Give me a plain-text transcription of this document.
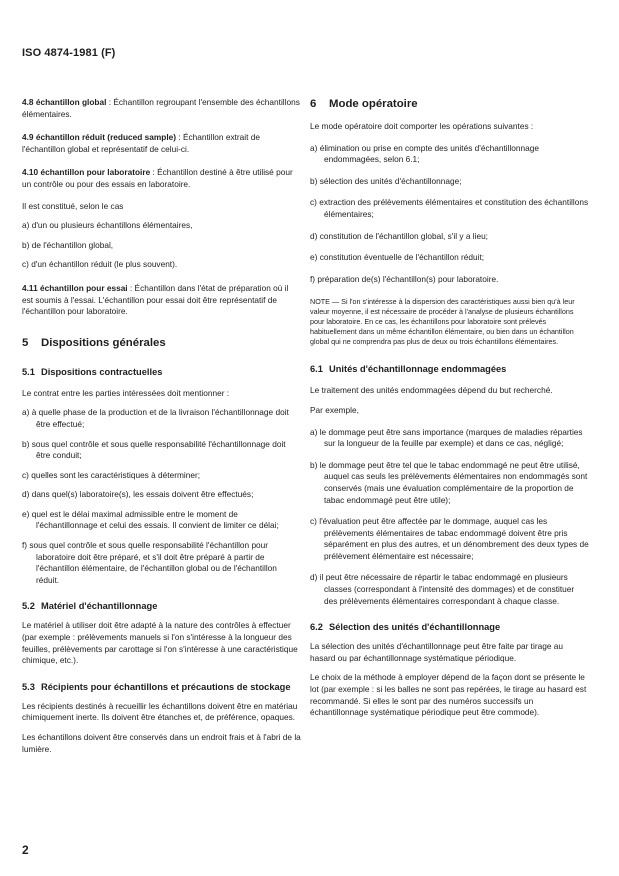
ISO 4874-1981 (F)

4.8 échantillon global : Échantillon regroupant l'ensemble des échantillons élémentaires.

4.9 échantillon réduit (reduced sample) : Échantillon extrait de l'échantillon global et représentatif de celui-ci.

4.10 échantillon pour laboratoire : Échantillon destiné à être utilisé pour un contrôle ou pour des essais en laboratoire.

Il est constitué, selon le cas

a) d'un ou plusieurs échantillons élémentaires,

b) de l'échantillon global,

c) d'un échantillon réduit (le plus souvent).

4.11 échantillon pour essai : Échantillon dans l'état de préparation où il est soumis à l'essai. L'échantillon pour essai doit être représentatif de l'échantillon pour laboratoire.

5 Dispositions générales

5.1 Dispositions contractuelles

Le contrat entre les parties intéressées doit mentionner :

a) à quelle phase de la production et de la livraison l'échantillonnage doit être effectué;

b) sous quel contrôle et sous quelle responsabilité l'échantillonnage doit être conduit;

c) quelles sont les caractéristiques à déterminer;

d) dans quel(s) laboratoire(s), les essais doivent être effectués;

e) quel est le délai maximal admissible entre le moment de l'échantillonnage et celui des essais. Il convient de limiter ce délai;

f) sous quel contrôle et sous quelle responsabilité l'échantillon pour laboratoire doit être préparé, et s'il doit être préparé à partir de l'échantillon élémentaire, de l'échantillon global ou de l'échantillon réduit.

5.2 Matériel d'échantillonnage

Le matériel à utiliser doit être adapté à la nature des contrôles à effectuer (par exemple : prélèvements manuels si l'on s'intéresse à la longueur des feuilles, prélèvements par carottage si l'on s'intéresse à une caractéristique chimique, etc.).

5.3 Récipients pour échantillons et précautions de stockage

Les récipients destinés à recueillir les échantillons doivent être en matériau chimiquement inerte. Ils doivent être étanches et, de préférence, opaques.

Les échantillons doivent être conservés dans un endroit frais et à l'abri de la lumière.

6 Mode opératoire

Le mode opératoire doit comporter les opérations suivantes :

a) élimination ou prise en compte des unités d'échantillonnage endommagées, selon 6.1;

b) sélection des unités d'échantillonnage;

c) extraction des prélèvements élémentaires et constitution des échantillons élémentaires;

d) constitution de l'échantillon global, s'il y a lieu;

e) constitution éventuelle de l'échantillon réduit;

f) préparation de(s) l'échantillon(s) pour laboratoire.

NOTE — Si l'on s'intéresse à la dispersion des caractéristiques aussi bien qu'à leur valeur moyenne, il est nécessaire de procéder à l'analyse de plusieurs échantillons pour laboratoire. En ce cas, les échantillons pour laboratoire sont prélevés habituellement dans un même échantillon élémentaire, ou bien dans un échantillon global qui ne comprendra pas plus de deux ou trois échantillons élémentaires.

6.1 Unités d'échantillonnage endommagées

Le traitement des unités endommagées dépend du but recherché.

Par exemple,

a) le dommage peut être sans importance (marques de maladies réparties sur la longueur de la feuille par exemple) et dans ce cas, négligé;

b) le dommage peut être tel que le tabac endommagé ne peut être utilisé, auquel cas seuls les prélèvements élémentaires non endommagés sont conservés (mais une évaluation complémentaire de la proportion de tabac endommagé peut être utile);

c) l'évaluation peut être affectée par le dommage, auquel cas les prélèvements élémentaires de tabac endommagé doivent être pris séparément en plus des autres, et un dénombrement des deux types de prélèvement élémentaire est nécessaire;

d) il peut être nécessaire de répartir le tabac endommagé en plusieurs classes (correspondant à l'intensité des dommages) et de constituer des prélèvements élémentaires correspondant à chaque classe.

6.2 Sélection des unités d'échantillonnage

La sélection des unités d'échantillonnage peut être faite par tirage au hasard ou par échantillonnage systématique périodique.

Le choix de la méthode à employer dépend de la façon dont se présente le lot (par exemple : si les balles ne sont pas repérées, le tirage au hasard est recommandé. Si elles le sont par des numéros successifs un échantillonnage systématique périodique peut être commode).

2
